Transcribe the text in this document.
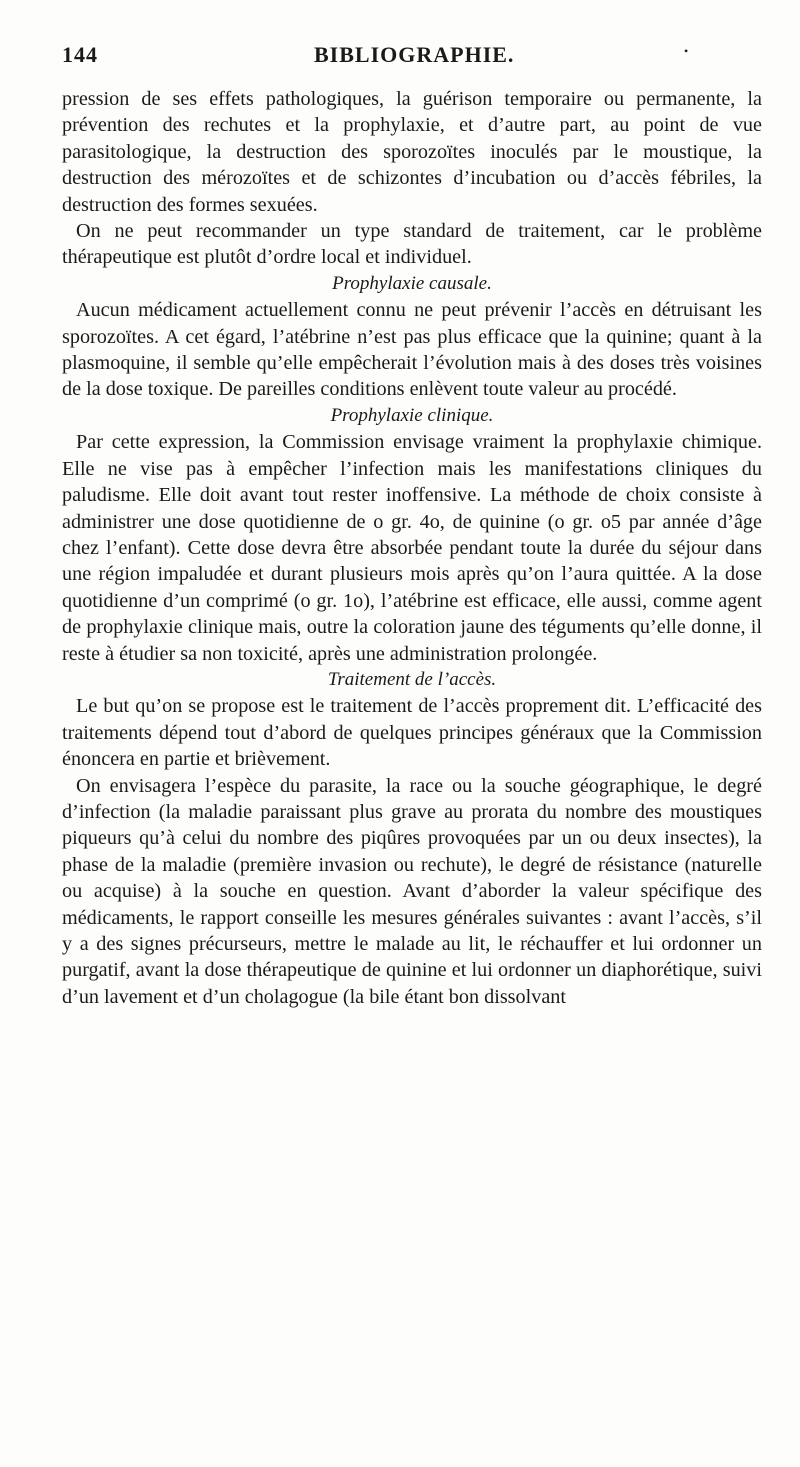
144	BIBLIOGRAPHIE.	•

pression de ses effets pathologiques, la guérison temporaire ou permanente, la prévention des rechutes et la prophylaxie, et d’autre part, au point de vue parasitologique, la destruction des sporozoïtes inoculés par le moustique, la destruction des mérozoïtes et de schizontes d’incubation ou d’accès fébriles, la destruction des formes sexuées.

On ne peut recommander un type standard de traitement, car le problème thérapeutique est plutôt d’ordre local et individuel.

Prophylaxie causale.

Aucun médicament actuellement connu ne peut prévenir l’accès en détruisant les sporozoïtes. A cet égard, l’atébrine n’est pas plus efficace que la quinine; quant à la plasmoquine, il semble qu’elle empêcherait l’évolution mais à des doses très voisines de la dose toxique. De pareilles conditions enlèvent toute valeur au procédé.

Prophylaxie clinique.

Par cette expression, la Commission envisage vraiment la prophylaxie chimique. Elle ne vise pas à empêcher l’infection mais les manifestations cliniques du paludisme. Elle doit avant tout rester inoffensive. La méthode de choix consiste à administrer une dose quotidienne de o gr. 4o, de quinine (o gr. o5 par année d’âge chez l’enfant). Cette dose devra être absorbée pendant toute la durée du séjour dans une région impaludée et durant plusieurs mois après qu’on l’aura quittée. A la dose quotidienne d’un comprimé (o gr. 1o), l’atébrine est efficace, elle aussi, comme agent de prophylaxie clinique mais, outre la coloration jaune des téguments qu’elle donne, il reste à étudier sa non toxicité, après une administration prolongée.

Traitement de l’accès.

Le but qu’on se propose est le traitement de l’accès proprement dit. L’efficacité des traitements dépend tout d’abord de quelques principes généraux que la Commission énoncera en partie et brièvement.

On envisagera l’espèce du parasite, la race ou la souche géographique, le degré d’infection (la maladie paraissant plus grave au prorata du nombre des moustiques piqueurs qu’à celui du nombre des piqûres provoquées par un ou deux insectes), la phase de la maladie (première invasion ou rechute), le degré de résistance (naturelle ou acquise) à la souche en question. Avant d’aborder la valeur spécifique des médicaments, le rapport conseille les mesures générales suivantes : avant l’accès, s’il y a des signes précurseurs, mettre le malade au lit, le réchauffer et lui ordonner un purgatif, avant la dose thérapeutique de quinine et lui ordonner un diaphorétique, suivi d’un lavement et d’un cholagogue (la bile étant bon dissolvant
